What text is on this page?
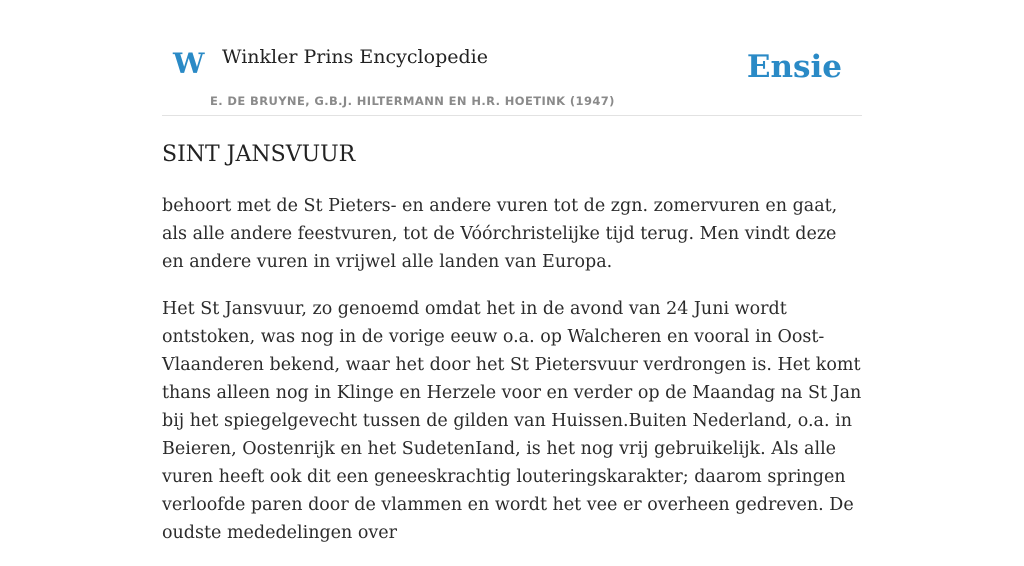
W Winkler Prins Encyclopedie
E. DE BRUYNE, G.B.J. HILTERMANN EN H.R. HOETINK (1947)
Ensie
SINT JANSVUUR

behoort met de St Pieters- en andere vuren tot de zgn. zomervuren en gaat, als alle andere feestvuren, tot de Vóórchristelijke tijd terug. Men vindt deze en andere vuren in vrijwel alle landen van Europa.

Het St Jansvuur, zo genoemd omdat het in de avond van 24 Juni wordt ontstoken, was nog in de vorige eeuw o.a. op Walcheren en vooral in Oost-Vlaanderen bekend, waar het door het St Pietersvuur verdrongen is. Het komt thans alleen nog in Klinge en Herzele voor en verder op de Maandag na St Jan bij het spiegelgevecht tussen de gilden van Huissen.Buiten Nederland, o.a. in Beieren, Oostenrijk en het SudetenIand, is het nog vrij gebruikelijk. Als alle vuren heeft ook dit een geneeskrachtig louteringskarakter; daarom springen verloofde paren door de vlammen en wordt het vee er overheen gedreven. De oudste mededelingen over
